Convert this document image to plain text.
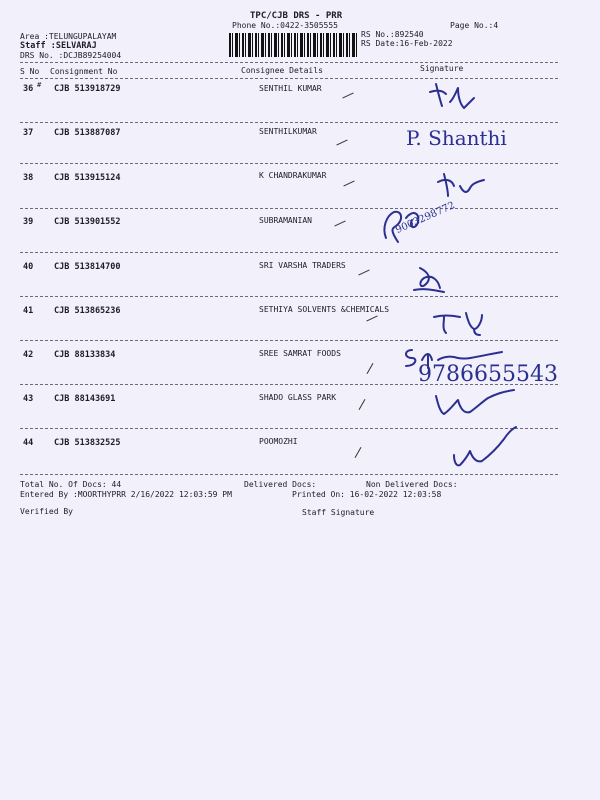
TPC/CJB DRS - PRR
Phone No.:0422-3505555	Page No.:4
Area :TELUNGUPALAYAM
Staff :SELVARAJ
DRS No. :DCJB89254004
RS No.:892540
RS Date:16-Feb-2022
S No Consignment No	Consignee Details	Signature
36 # CJB 513918729	SENTHIL KUMAR
37 CJB 513887087	SENTHILKUMAR
38 CJB 513915124	K CHANDRAKUMAR
39 CJB 513901552	SUBRAMANIAN
40 CJB 513814700	SRI VARSHA TRADERS
41 CJB 513865236	SETHIYA SOLVENTS &CHEMICALS
42 CJB 88133834	SREE SAMRAT FOODS
43 CJB 88143691	SHADO GLASS PARK
44 CJB 513832525	POOMOZHI
P. Shanthi
9003298772
9786655543
Total No. Of Docs: 44	Delivered Docs:	Non Delivered Docs:
Entered By :MOORTHYPRR 2/16/2022 12:03:59 PM	Printed On: 16-02-2022 12:03:58
Verified By	Staff Signature
